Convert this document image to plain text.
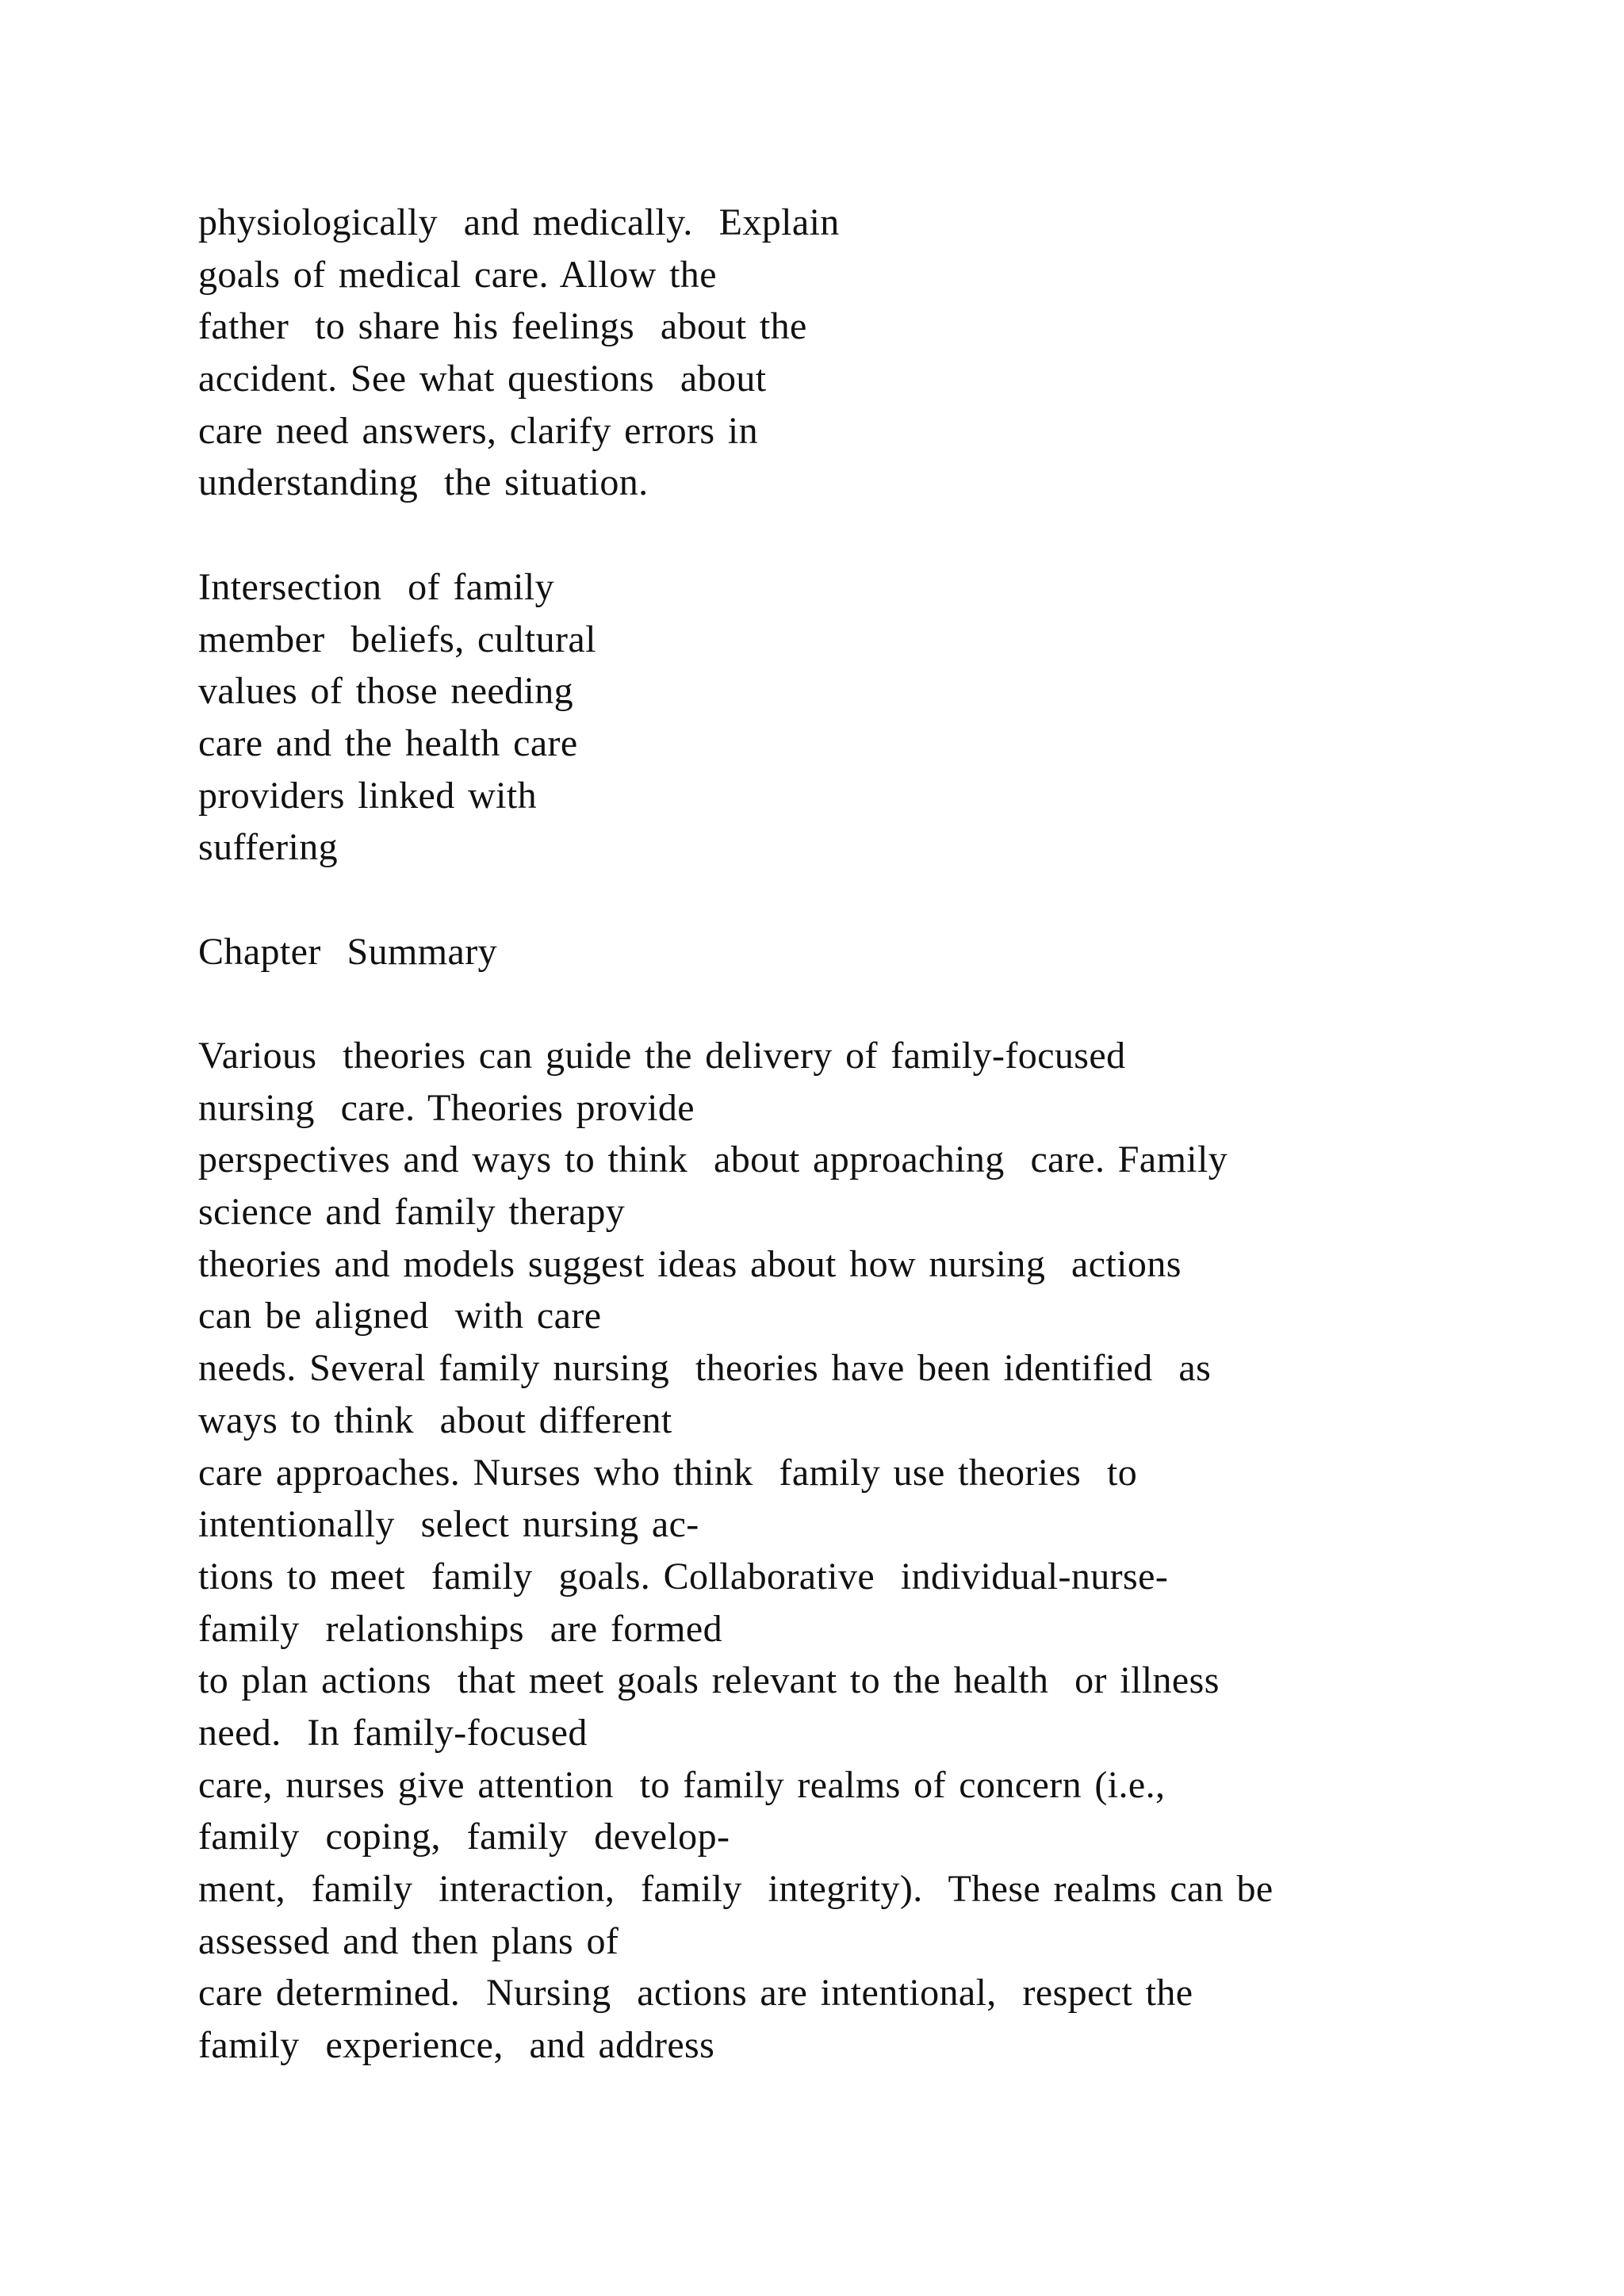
physiologically  and medically.  Explain
goals of medical care. Allow the
father  to share his feelings  about the
accident. See what questions  about
care need answers, clarify errors in
understanding  the situation.
Intersection  of family
member  beliefs, cultural
values of those needing
care and the health care
providers linked with
suffering
Chapter  Summary
Various  theories can guide the delivery of family-focused
nursing  care. Theories provide
perspectives and ways to think  about approaching  care. Family
science and family therapy
theories and models suggest ideas about how nursing  actions
can be aligned  with care
needs. Several family nursing  theories have been identified  as
ways to think  about different
care approaches. Nurses who think  family use theories  to
intentionally  select nursing ac-
tions to meet  family  goals. Collaborative  individual-nurse-
family  relationships  are formed
to plan actions  that meet goals relevant to the health  or illness
need.  In family-focused
care, nurses give attention  to family realms of concern (i.e.,
family  coping,  family  develop-
ment,  family  interaction,  family  integrity).  These realms can be
assessed and then plans of
care determined.  Nursing  actions are intentional,  respect the
family  experience,  and address
